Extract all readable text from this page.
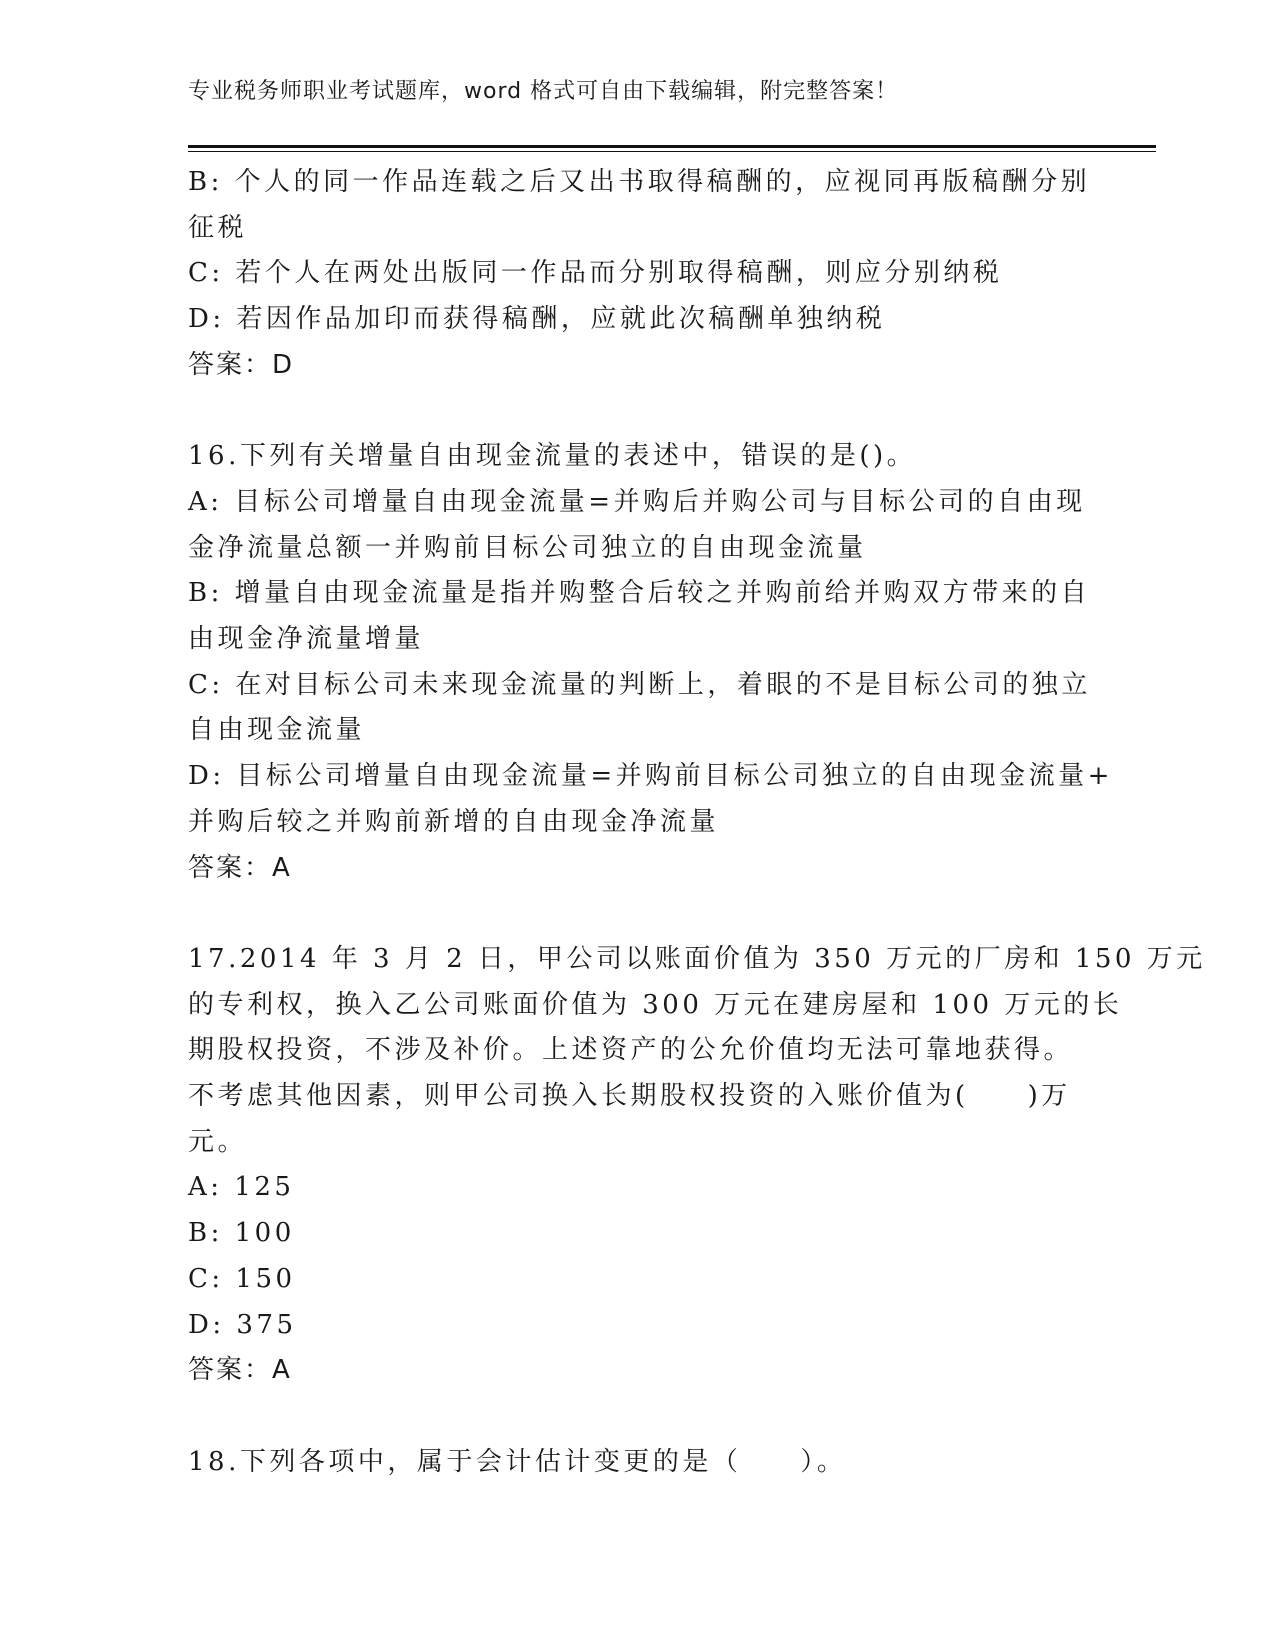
专业税务师职业考试题库，word 格式可自由下载编辑，附完整答案！
B: 个人的同一作品连载之后又出书取得稿酬的，应视同再版稿酬分别
征税
C: 若个人在两处出版同一作品而分别取得稿酬，则应分别纳税
D: 若因作品加印而获得稿酬，应就此次稿酬单独纳税
答案：D
16.下列有关增量自由现金流量的表述中，错误的是()。
A: 目标公司增量自由现金流量=并购后并购公司与目标公司的自由现
金净流量总额一并购前目标公司独立的自由现金流量
B: 增量自由现金流量是指并购整合后较之并购前给并购双方带来的自
由现金净流量增量
C: 在对目标公司未来现金流量的判断上，着眼的不是目标公司的独立
自由现金流量
D: 目标公司增量自由现金流量=并购前目标公司独立的自由现金流量+
并购后较之并购前新增的自由现金净流量
答案：A
17.2014 年 3 月 2 日，甲公司以账面价值为 350 万元的厂房和 150 万元
的专利权，换入乙公司账面价值为 300 万元在建房屋和 100 万元的长
期股权投资，不涉及补价。上述资产的公允价值均无法可靠地获得。
不考虑其他因素，则甲公司换入长期股权投资的入账价值为(　　)万
元。
A: 125
B: 100
C: 150
D: 375
答案：A
18.下列各项中，属于会计估计变更的是（　　）。
